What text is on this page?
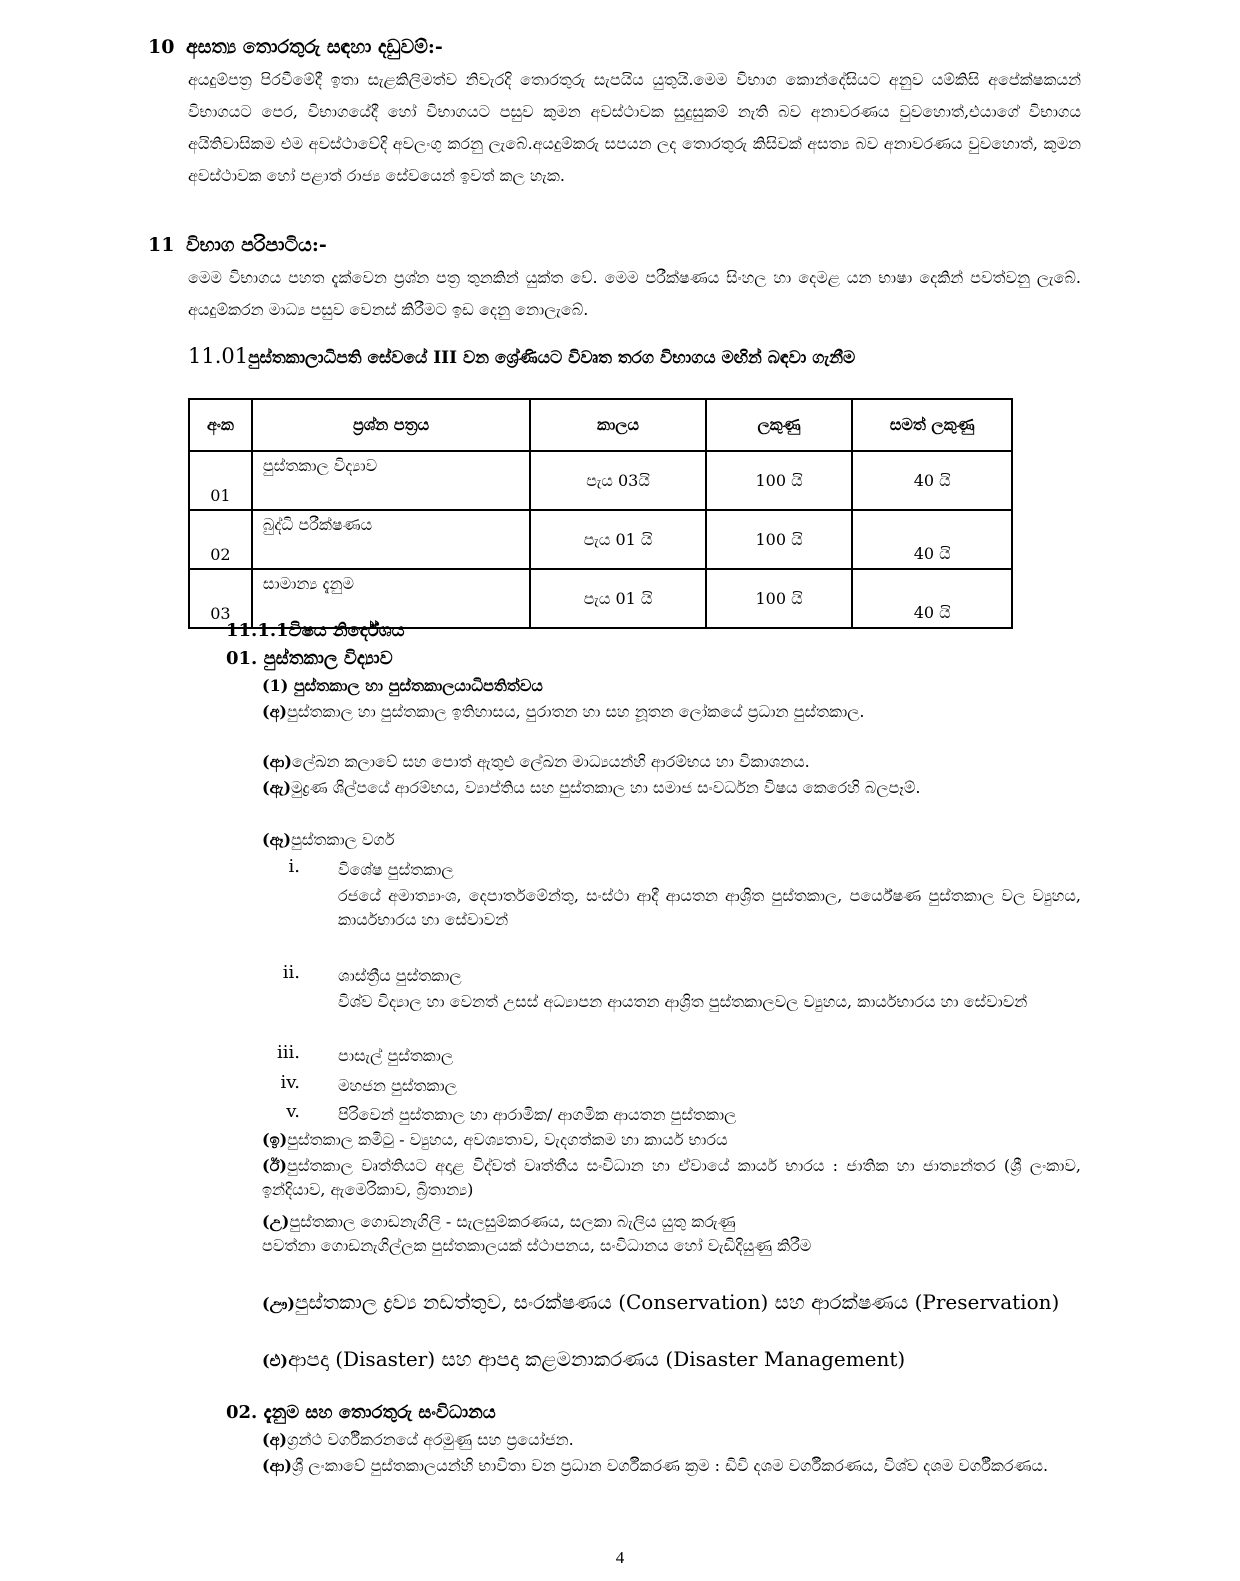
10 අසත්‍ය තොරතුරු සඳහා දඩුවම්:-
අයදුම්පත්‍ර පිරවීමේදී ඉතා සැළකිලිමත්ව නිවැරදි තොරතුරු සැපයිය යුතුයි.මෙම විභාග කොන්දේසියට අනුව යම්කිසි අපේක්ෂකයන් විභාගයට පෙර, විභාගයේදී හෝ විභාගයට පසුව කුමන අවස්ථාවක සුදුසුකම් නැති බව අනාවරණය වුවහොත්,එයාගේ විභාගය අයිතිවාසිකම එම අවස්ථාවේදි අවලංගු කරනු ලැබේ.අයදුම්කරු සපයන ලද තොරතුරු කිසිවක් අසත්‍ය බව අනාවරණය වුවහොත්, කුමන අවස්ථාවක හෝ පළාත් රාජ්‍ය සේවයෙන් ඉවත් කල හැක.
11 විභාග පරිපාටිය:-
මෙම විභාගය පහත දැක්වෙන ප්‍රශ්න පත්‍ර තුනකින් යුක්ත වේ. මෙම පරීක්ෂණය සිංහල හා දෙමළ යන භාෂා දෙකින් පවත්වනු ලැබේ. අයදුම්කරන මාධ්‍ය පසුව වෙනස් කිරීමට ඉඩ දෙනු නොලැබේ.
11.01පුස්තකාලාධිපති සේවයේ III වන ශ්‍රේණියට විවෘත තරග විභාගය මඟින් බඳවා ගැනීම
අංක	ප්‍රශ්න පත්‍රය	කාලය	ලකුණු	සමත් ලකුණු
01	පුස්තකාල විද්‍යාව	පැය 03යි	100 යි	40 යි
02	බුද්ධි පරීක්ෂණය	පැය 01 යි	100 යි	40 යි
03	සාමාන්‍ය දැනුම	පැය 01 යි	100 යි	40 යි
11.1.1විෂය නිර්දේශය
01. පුස්තකාල විද්‍යාව
(1) පුස්තකාල හා පුස්තකාලයාධිපතිත්වය
(අ)පුස්තකාල හා පුස්තකාල ඉතිහාසය, පුරාතන හා සහ නූතන ලෝකයේ ප්‍රධාන පුස්තකාල.
(ආ)ලේඛන කලාවේ සහ පොත් ඇතුළු ලේඛන මාධ්‍යයන්හි ආරම්භය හා විකාශනය.
(ඇ)මුද්‍රණ ශිල්පයේ ආරම්භය, ව්‍යාප්තිය සහ පුස්තකාල හා සමාජ සංවර්ධන විෂය කෙරෙහි බලපෑම්.
(ඈ)පුස්තකාල වර්ග
i. විශේෂ පුස්තකාල
රජයේ අමාත්‍යාංශ, දෙපාර්තමේන්තු, සංස්ථා ආදී ආයතන ආශ්‍රිත පුස්තකාල, පර්යේෂණ පුස්තකාල වල ව්‍යුහය, කාර්යභාරය හා සේවාවන්
ii. ශාස්ත්‍රීය පුස්තකාල
විශ්ව විද්‍යාල හා වෙනත් උසස් අධ්‍යාපන ආයතන ආශ්‍රිත පුස්තකාලවල ව්‍යුහය, කාර්යභාරය හා සේවාවන්
iii. පාසැල් පුස්තකාල
iv. මහජන පුස්තකාල
v. පිරිවෙන් පුස්තකාල හා ආරාමික/ ආගමික ආයතන පුස්තකාල
(ඉ)පුස්තකාල කමිටු - ව්‍යුහය, අවශ්‍යතාව, වැදගත්කම හා කාර්ය භාරය
(ඊ)පුස්තකාල වෘත්තියට අදාළ විද්වත් වෘත්තීය සංවිධාන හා ඒවායේ කාර්ය භාරය : ජාතික හා ජාත්‍යන්තර (ශ්‍රී ලංකාව, ඉන්දියාව, ඇමෙරිකාව, බ්‍රිතාන්‍ය)
(උ)පුස්තකාල ගොඩනැගිලි - සැලසුම්කරණය, සලකා බැලිය යුතු කරුණු
පවත්නා ගොඩනැගිල්ලක පුස්තකාලයක් ස්ථාපනය, සංවිධානය හෝ වැඩිදියුණු කිරීම
(ඌ)පුස්තකාල ද්‍රව්‍ය නඩත්තුව, සංරක්ෂණය (Conservation) සහ ආරක්ෂණය (Preservation)
(එ)ආපදා (Disaster) සහ ආපදා කළමනාකරණය (Disaster Management)
02. දැනුම සහ තොරතුරු සංවිධානය
(අ)ග්‍රන්ථ වර්ගීකරනයේ අරමුණු සහ ප්‍රයෝජන.
(ආ)ශ්‍රී ලංකාවේ පුස්තකාලයන්හි භාවිතා වන ප්‍රධාන වර්ගීකරණ ක්‍රම : ඩිවි දශම වර්ගීකරණය, විශ්ව දශම වර්ගීකරණය.
4
